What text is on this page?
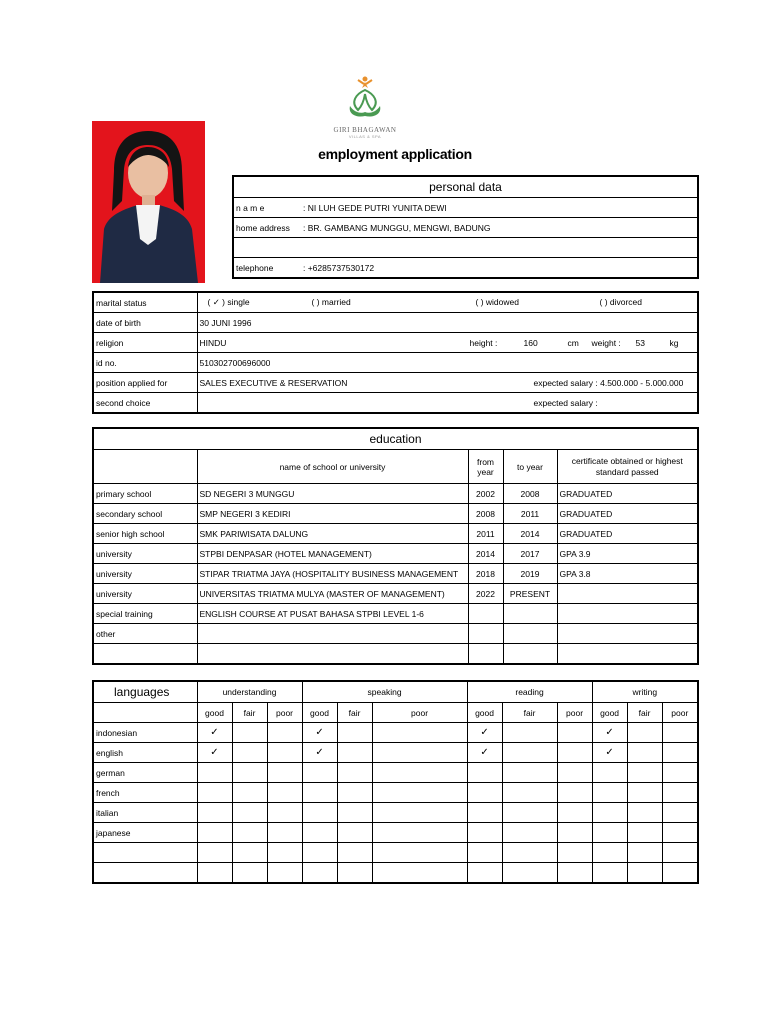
GIRI BHAGAWAN
VILLAS & SPA
employment application
personal data	
n a m e	: NI LUH GEDE PUTRI YUNITA DEWI
home address	: BR. GAMBANG MUNGGU, MENGWI, BADUNG

telephone	: +6285737530172
marital status	( ✓ ) single ( ) married ( ) widowed ( ) divorced
date of birth	30 JUNI 1996
religion	HINDU height : 160 cm weight : 53 kg
id no.	510302700696000
position applied for	SALES EXECUTIVE & RESERVATION expected salary : 4.500.000 - 5.000.000
second choice	expected salary :
education				
	name of school or university	from year	to year	certificate obtained or highest standard passed
primary school	SD NEGERI 3 MUNGGU	2002	2008	GRADUATED
secondary school	SMP NEGERI 3 KEDIRI	2008	2011	GRADUATED
senior high school	SMK PARIWISATA DALUNG	2011	2014	GRADUATED
university	STPBI DENPASAR (HOTEL MANAGEMENT)	2014	2017	GPA 3.9
university	STIPAR TRIATMA JAYA (HOSPITALITY BUSINESS MANAGEMENT	2018	2019	GPA 3.8
university	UNIVERSITAS TRIATMA MULYA (MASTER OF MANAGEMENT)	2022	PRESENT	
special training	ENGLISH COURSE AT PUSAT BAHASA STPBI LEVEL 1-6			
other				

languages	understanding			speaking			reading			writing		
	good	fair	poor	good	fair	poor	good	fair	poor	good	fair	poor
indonesian	✓			✓			✓			✓		
english	✓			✓			✓			✓		
german												
french												
italian												
japanese												
